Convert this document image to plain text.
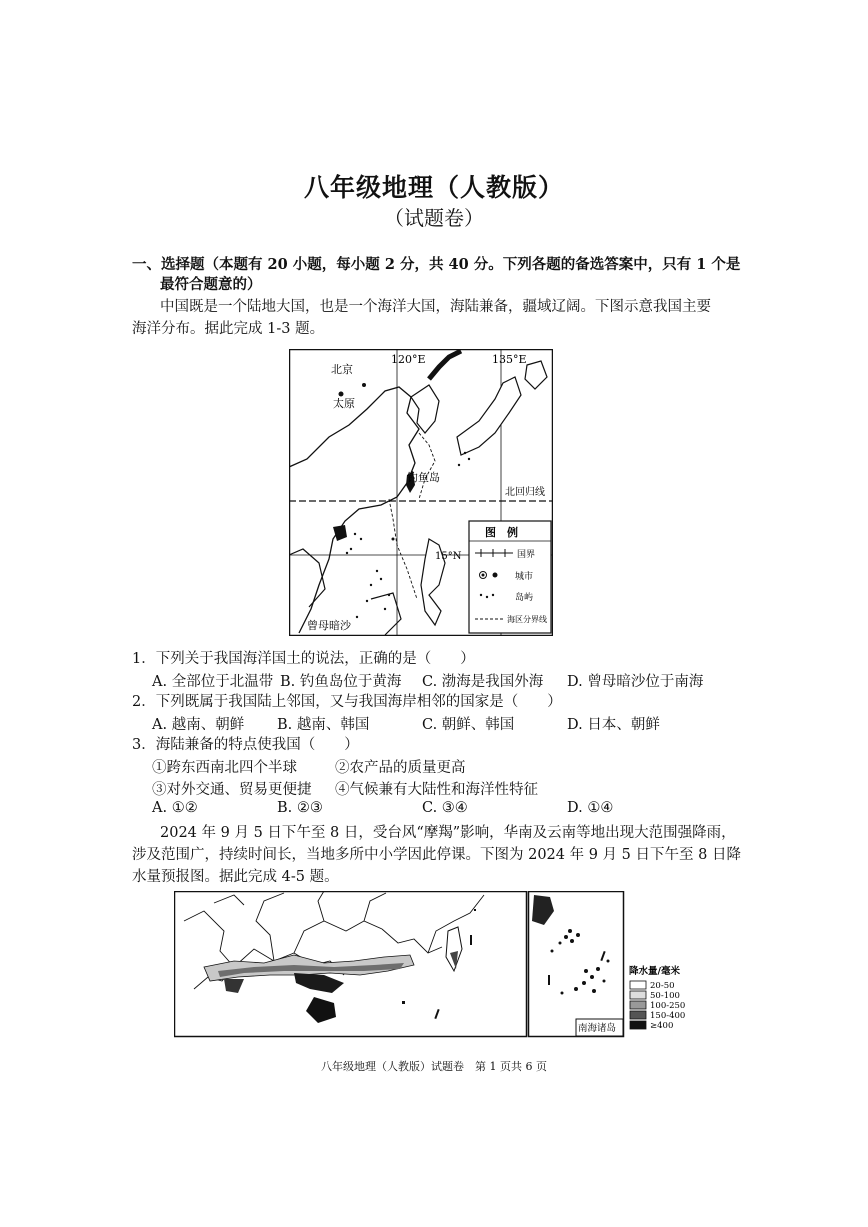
八年级地理（人教版）
（试题卷）
一、选择题（本题有 20 小题，每小题 2 分，共 40 分。下列各题的备选答案中，只有 1 个是
最符合题意的）
中国既是一个陆地大国，也是一个海洋大国，海陆兼备，疆域辽阔。下图示意我国主要
海洋分布。据此完成 1-3 题。
北京
太原
120°E	135°E
钓鱼岛
北回归线
15°N
曾母暗沙
图　例
国界
城市
岛屿
海区分界线
1．下列关于我国海洋国土的说法，正确的是（　　）
A. 全部位于北温带 B. 钓鱼岛位于黄海 C. 渤海是我国外海 D. 曾母暗沙位于南海
2．下列既属于我国陆上邻国，又与我国海岸相邻的国家是（　　）
A. 越南、朝鲜 B. 越南、韩国	C. 朝鲜、韩国	D. 日本、朝鲜
3．海陆兼备的特点使我国（　　）
①跨东西南北四个半球	②农产品的质量更高
③对外交通、贸易更便捷 ④气候兼有大陆性和海洋性特征
A. ①②	B. ②③	C. ③④	D. ①④
2024 年 9 月 5 日下午至 8 日，受台风“摩羯”影响，华南及云南等地出现大范围强降雨，
涉及范围广，持续时间长，当地多所中小学因此停课。下图为 2024 年 9 月 5 日下午至 8 日降
水量预报图。据此完成 4-5 题。
南海诸岛
降水量/毫米
20-50
50-100
100-250
150-400
≥400
八年级地理（人教版）试题卷　第 1 页共 6 页
